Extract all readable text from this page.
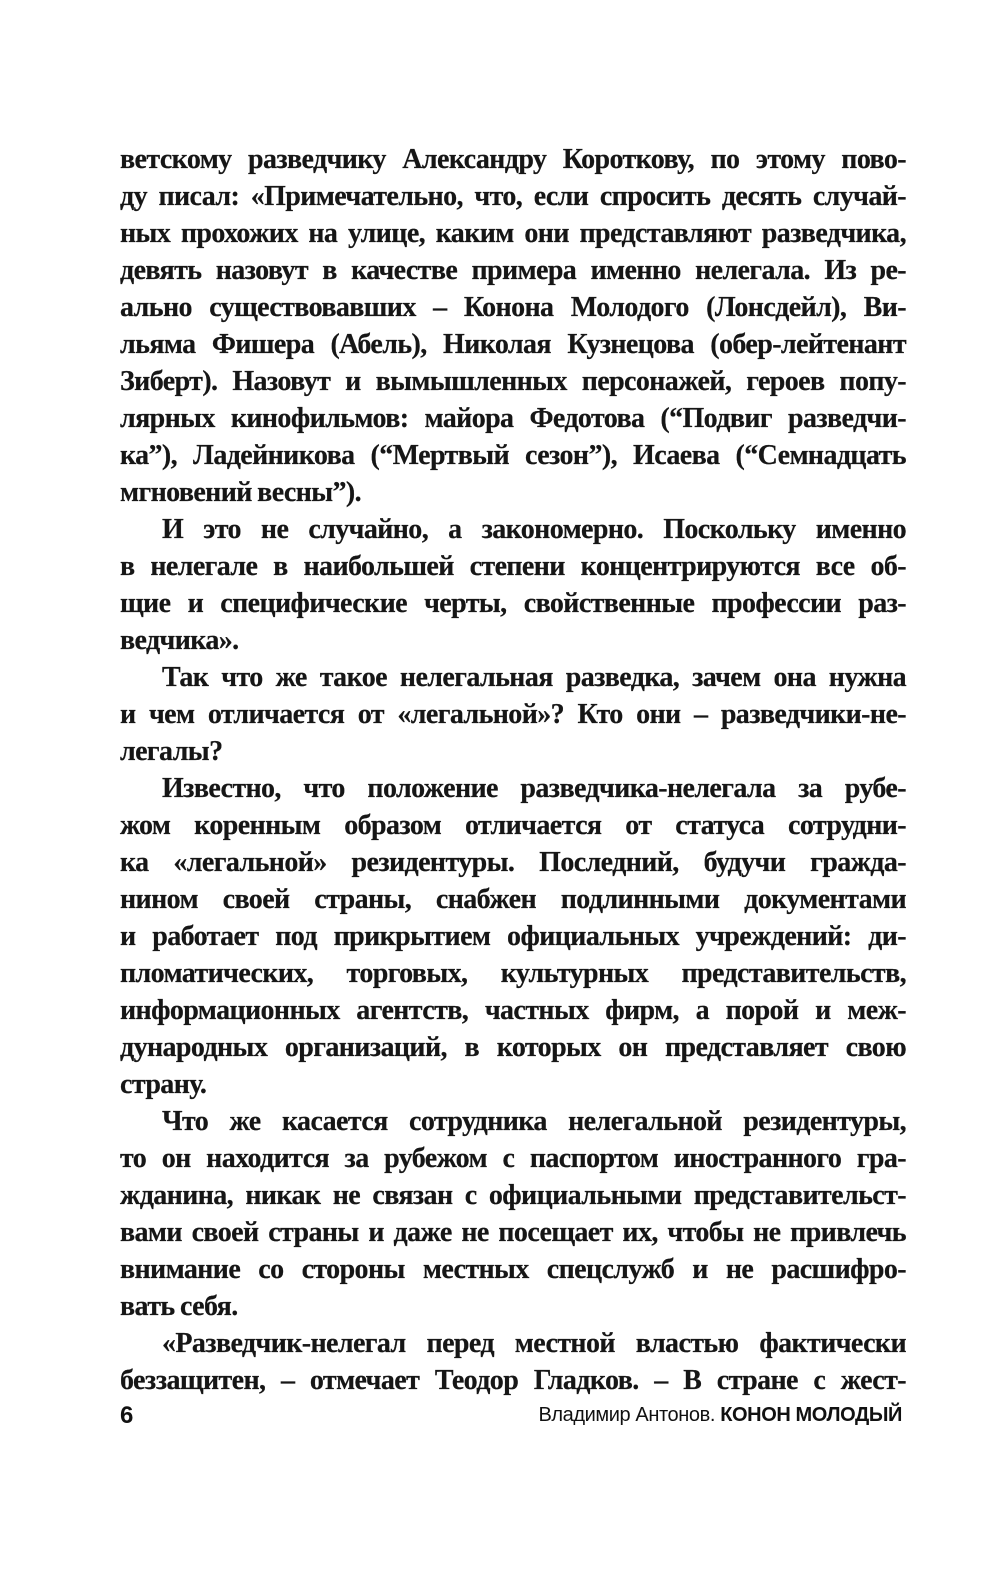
ветскому разведчику Александру Короткову, по этому пово-
ду писал: «Примечательно, что, если спросить десять случай-
ных прохожих на улице, каким они представляют разведчика,
девять назовут в качестве примера именно нелегала. Из ре-
ально существовавших – Конона Молодого (Лонсдейл), Ви-
льяма Фишера (Абель), Николая Кузнецова (обер-лейтенант
Зиберт). Назовут и вымышленных персонажей, героев попу-
лярных кинофильмов: майора Федотова (“Подвиг разведчи-
ка”), Ладейникова (“Мертвый сезон”), Исаева (“Семнадцать
мгновений весны”).
И это не случайно, а закономерно. Поскольку именно
в нелегале в наибольшей степени концентрируются все об-
щие и специфические черты, свойственные профессии раз-
ведчика».
Так что же такое нелегальная разведка, зачем она нужна
и чем отличается от «легальной»? Кто они – разведчики-не-
легалы?
Известно, что положение разведчика-нелегала за рубе-
жом коренным образом отличается от статуса сотрудни-
ка «легальной» резидентуры. Последний, будучи гражда-
нином своей страны, снабжен подлинными документами
и работает под прикрытием официальных учреждений: ди-
пломатических, торговых, культурных представительств,
информационных агентств, частных фирм, а порой и меж-
дународных организаций, в которых он представляет свою
страну.
Что же касается сотрудника нелегальной резидентуры,
то он находится за рубежом с паспортом иностранного гра-
жданина, никак не связан с официальными представительст-
вами своей страны и даже не посещает их, чтобы не привлечь
внимание со стороны местных спецслужб и не расшифро-
вать себя.
«Разведчик-нелегал перед местной властью фактически
беззащитен, – отмечает Теодор Гладков. – В стране с жест-
6	Владимир Антонов. КОНОН МОЛОДЫЙ
